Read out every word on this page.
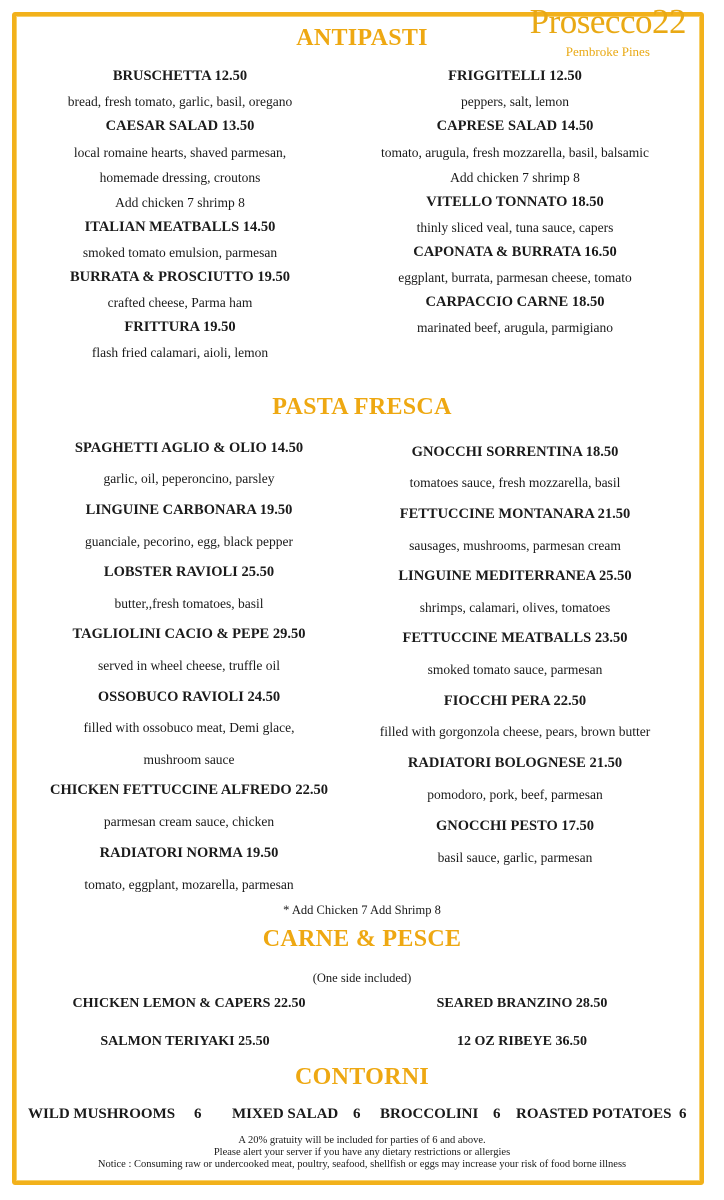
Prosecco22
Pembroke Pines
ANTIPASTI
BRUSCHETTA 12.50
bread, fresh tomato, garlic, basil, oregano
CAESAR SALAD 13.50
local romaine hearts, shaved parmesan,
homemade dressing, croutons
Add chicken 7 shrimp 8
ITALIAN MEATBALLS 14.50
smoked tomato emulsion, parmesan
BURRATA & PROSCIUTTO 19.50
crafted cheese, Parma ham
FRITTURA 19.50
flash fried calamari, aioli, lemon
FRIGGITELLI 12.50
peppers, salt, lemon
CAPRESE SALAD 14.50
tomato, arugula, fresh mozzarella, basil, balsamic
Add chicken 7 shrimp 8
VITELLO TONNATO 18.50
thinly sliced veal, tuna sauce, capers
CAPONATA & BURRATA 16.50
eggplant, burrata, parmesan cheese, tomato
CARPACCIO CARNE 18.50
marinated beef, arugula, parmigiano
PASTA FRESCA
SPAGHETTI AGLIO & OLIO 14.50
garlic, oil, peperoncino, parsley
LINGUINE CARBONARA 19.50
guanciale, pecorino, egg, black pepper
LOBSTER RAVIOLI 25.50
butter,,fresh tomatoes, basil
TAGLIOLINI CACIO & PEPE 29.50
served in wheel cheese, truffle oil
OSSOBUCO RAVIOLI 24.50
filled with ossobuco meat, Demi glace,
mushroom sauce
CHICKEN FETTUCCINE ALFREDO 22.50
parmesan cream sauce, chicken
RADIATORI NORMA 19.50
tomato, eggplant, mozarella, parmesan
GNOCCHI SORRENTINA 18.50
tomatoes sauce, fresh mozzarella, basil
FETTUCCINE MONTANARA 21.50
sausages, mushrooms, parmesan cream
LINGUINE MEDITERRANEA 25.50
shrimps, calamari, olives, tomatoes
FETTUCCINE MEATBALLS 23.50
smoked tomato sauce, parmesan
FIOCCHI PERA 22.50
filled with gorgonzola cheese, pears, brown butter
RADIATORI BOLOGNESE 21.50
pomodoro, pork, beef, parmesan
GNOCCHI PESTO 17.50
basil sauce, garlic, parmesan
* Add Chicken 7 Add Shrimp 8
CARNE & PESCE
(One side included)
CHICKEN LEMON & CAPERS 22.50	SEARED BRANZINO 28.50
SALMON TERIYAKI 25.50	12 OZ RIBEYE 36.50
CONTORNI
WILD MUSHROOMS 6 MIXED SALAD 6 BROCCOLINI 6 ROASTED POTATOES 6
A 20% gratuity will be included for parties of 6 and above.
Please alert your server if you have any dietary restrictions or allergies
Notice : Consuming raw or undercooked meat, poultry, seafood, shellfish or eggs may increase your risk of food borne illness
